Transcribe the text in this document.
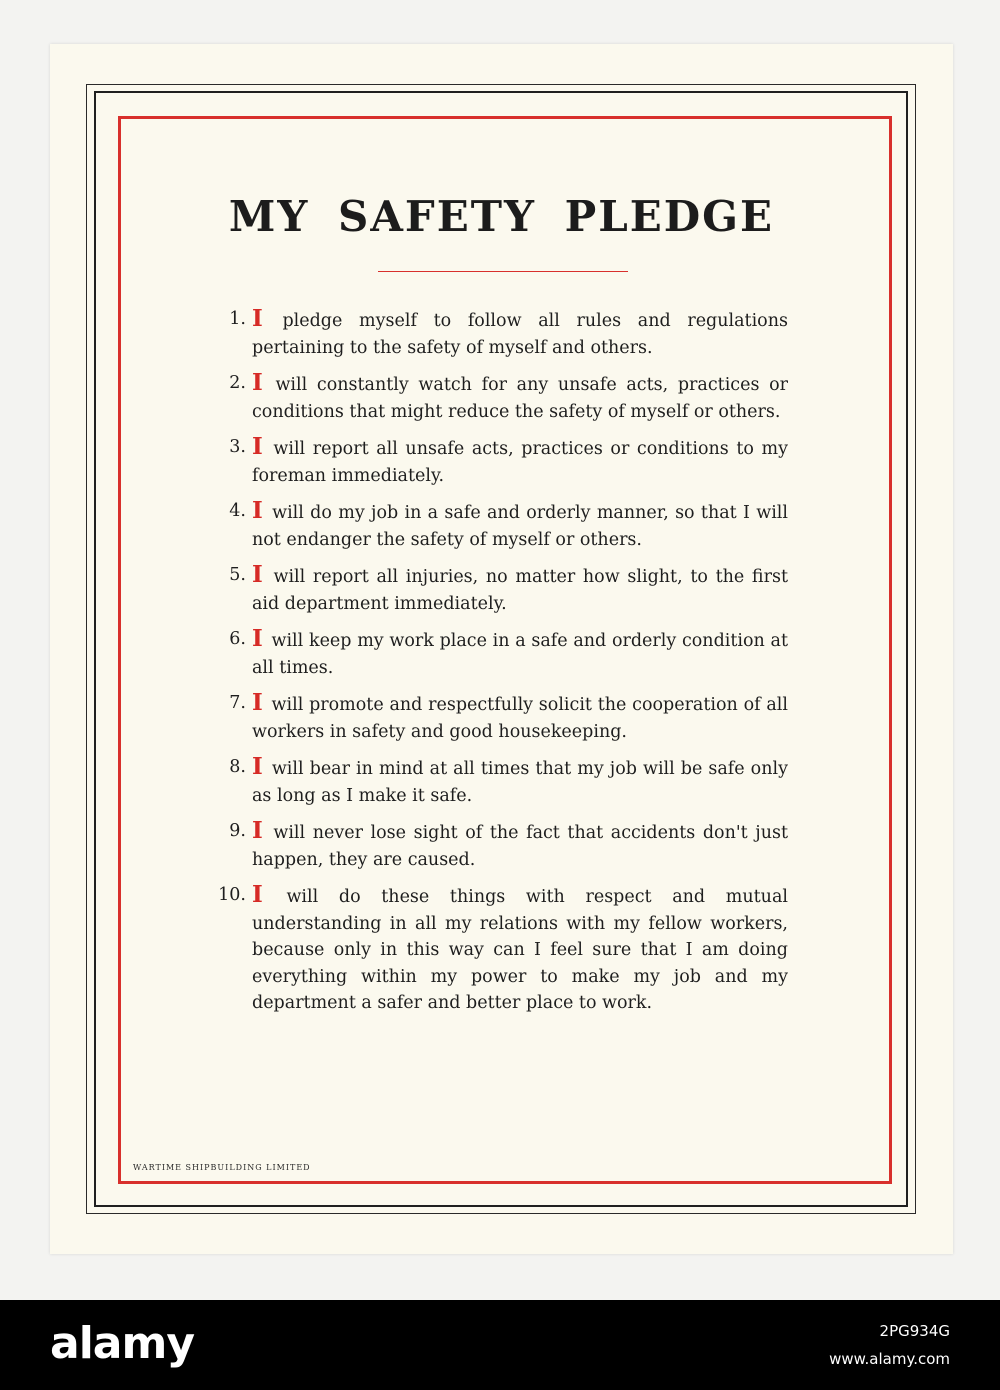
MY SAFETY PLEDGE
1. I pledge myself to follow all rules and regulations pertaining to the safety of myself and others.
2. I will constantly watch for any unsafe acts, practices or conditions that might reduce the safety of myself or others.
3. I will report all unsafe acts, practices or conditions to my foreman immediately.
4. I will do my job in a safe and orderly manner, so that I will not endanger the safety of myself or others.
5. I will report all injuries, no matter how slight, to the first aid department immediately.
6. I will keep my work place in a safe and orderly condition at all times.
7. I will promote and respectfully solicit the cooperation of all workers in safety and good housekeeping.
8. I will bear in mind at all times that my job will be safe only as long as I make it safe.
9. I will never lose sight of the fact that accidents don't just happen, they are caused.
10. I will do these things with respect and mutual understanding in all my relations with my fellow workers, because only in this way can I feel sure that I am doing everything within my power to make my job and my department a safer and better place to work.
WARTIME SHIPBUILDING LIMITED
alamy	2PG934G
www.alamy.com
